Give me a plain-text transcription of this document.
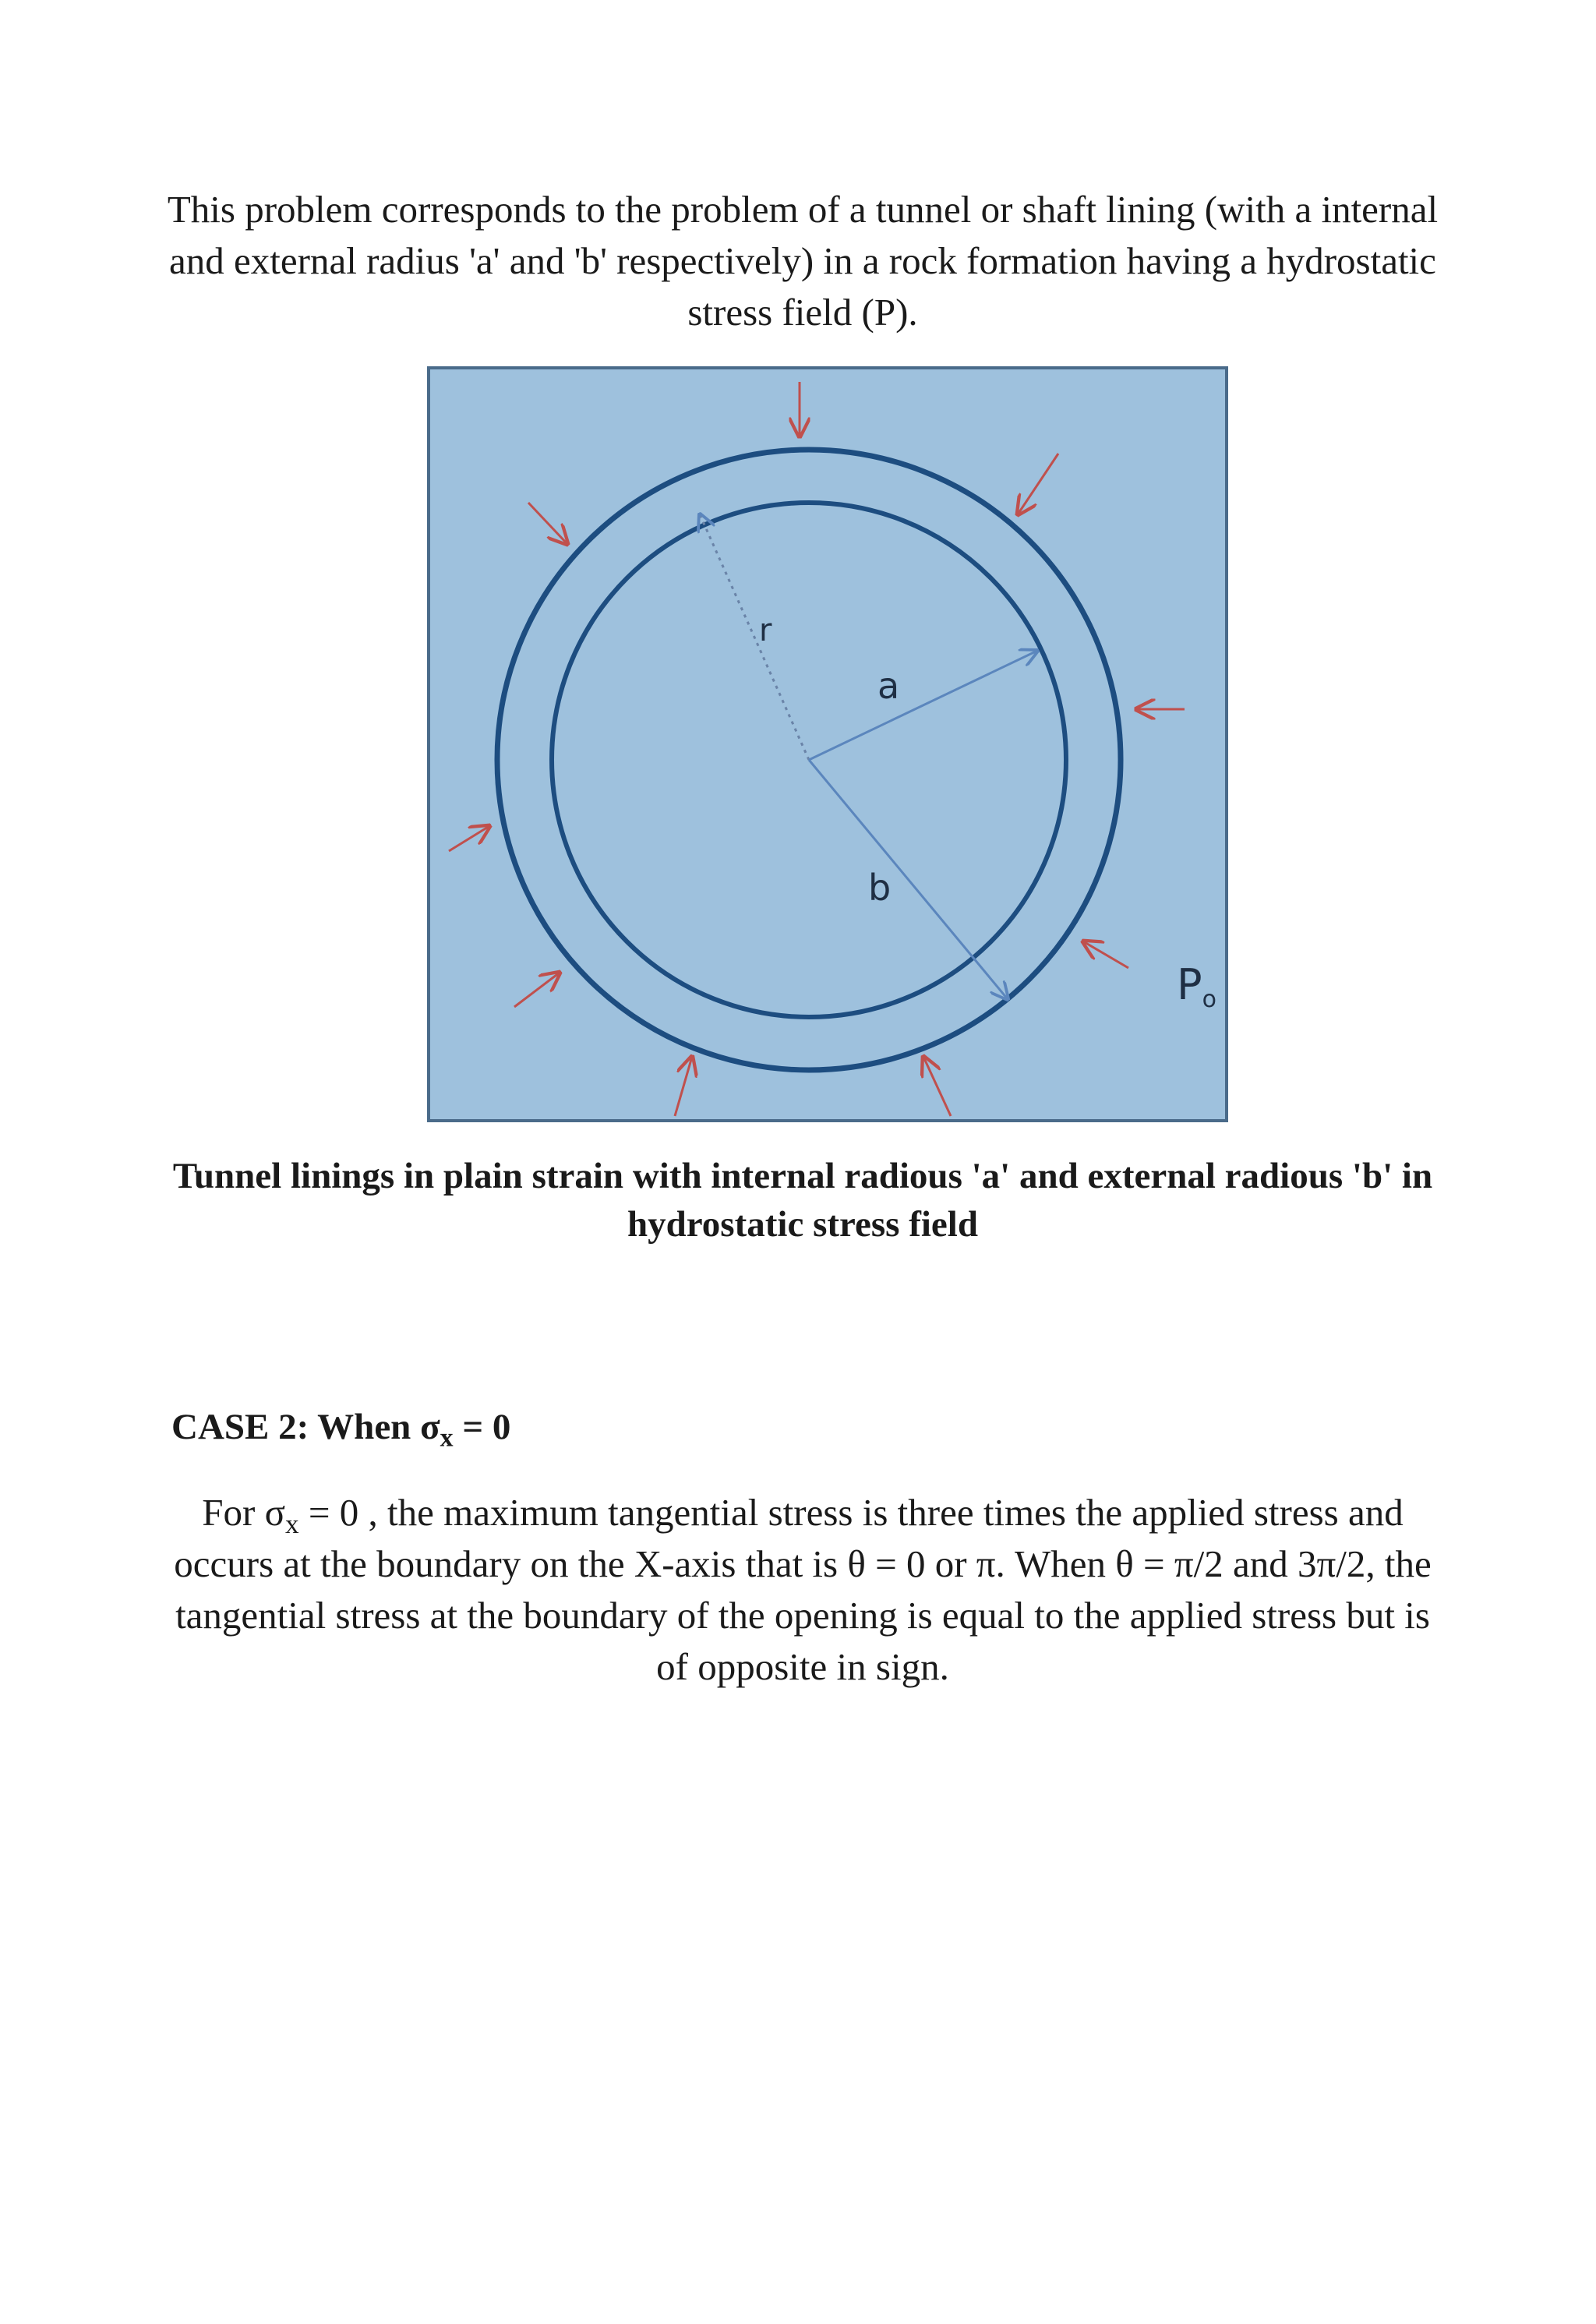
This problem corresponds to the problem of a tunnel or shaft lining (with a internal and external radius 'a' and 'b' respectively) in a rock formation having a hydrostatic stress field (P).
r
a
b
Po
Tunnel linings in plain strain with internal radious 'a' and external radious 'b' in hydrostatic stress field
CASE 2: When $\sigma_x = 0$
For $\sigma_x = 0$ , the maximum tangential stress is three times the applied stress and occurs at the boundary on the X-axis that is θ = 0 or π. When θ = π/2 and 3π/2, the tangential stress at the boundary of the opening is equal to the applied stress but is of opposite in sign.
